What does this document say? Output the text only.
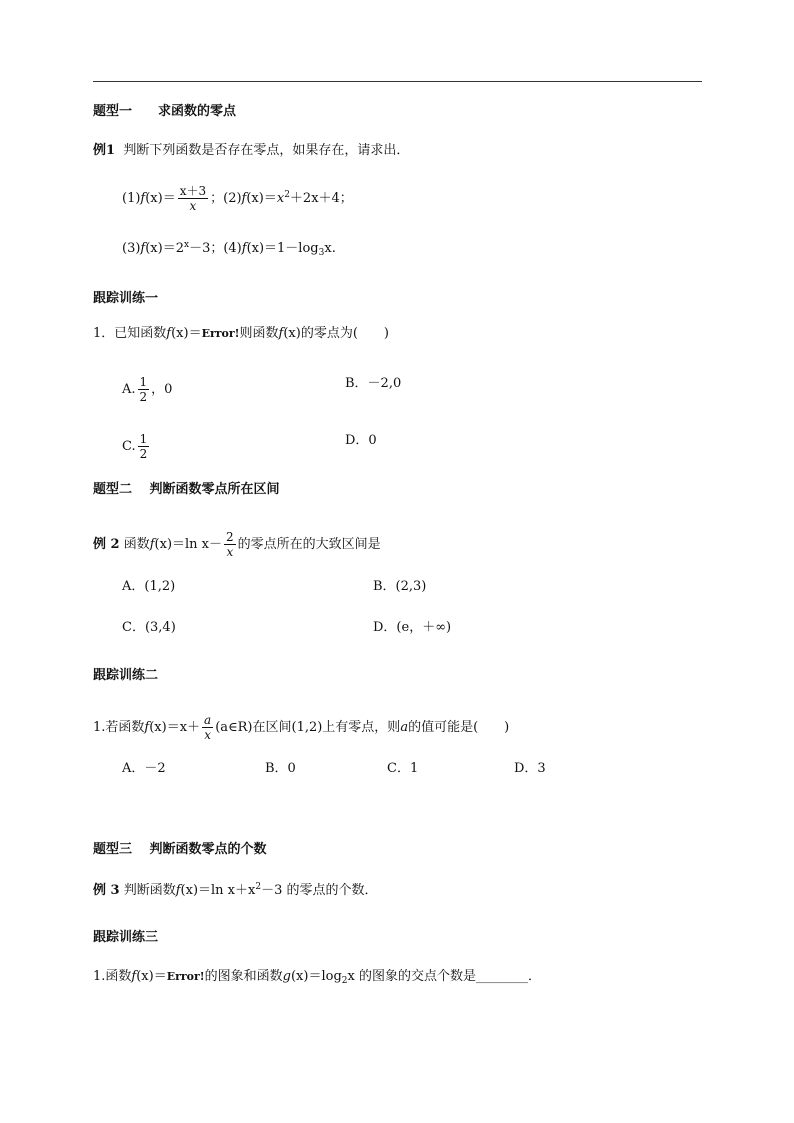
题型一　　求函数的零点
例1 判断下列函数是否存在零点，如果存在，请求出．
$(1)f(x)= \frac{x+3}{x}$ ；$(2)f(x)=x^2+2x+4$；
$(3)f(x)=2^x-3$；$(4)f(x)=1-\log_3x$.
跟踪训练一
1．已知函数f(x)＝Error!则函数f(x)的零点为(　　)
A. $\frac{1}{2}$ ，0	B．－2,0
C. $\frac{1}{2}$	D．0
题型二　 判断函数零点所在区间
例 2 函数f(x)＝ln $x- \frac{2}{x}$ 的零点所在的大致区间是
A．(1,2)	B．(2,3)
C．(3,4)	D．(e，＋∞)
跟踪训练二
1.若函数$f(x)=x+ \frac{a}{x}$ (a∈R)在区间(1,2)上有零点，则a的值可能是(　　)
A．－2	B．0	C．1	D．3
题型三　 判断函数零点的个数
例 3 判断函数f(x)＝ln $x+x^2-3$ 的零点的个数．
跟踪训练三
1.函数f(x)＝Error!的图象和函数$g(x)=\log_2x$ 的图象的交点个数是________．
